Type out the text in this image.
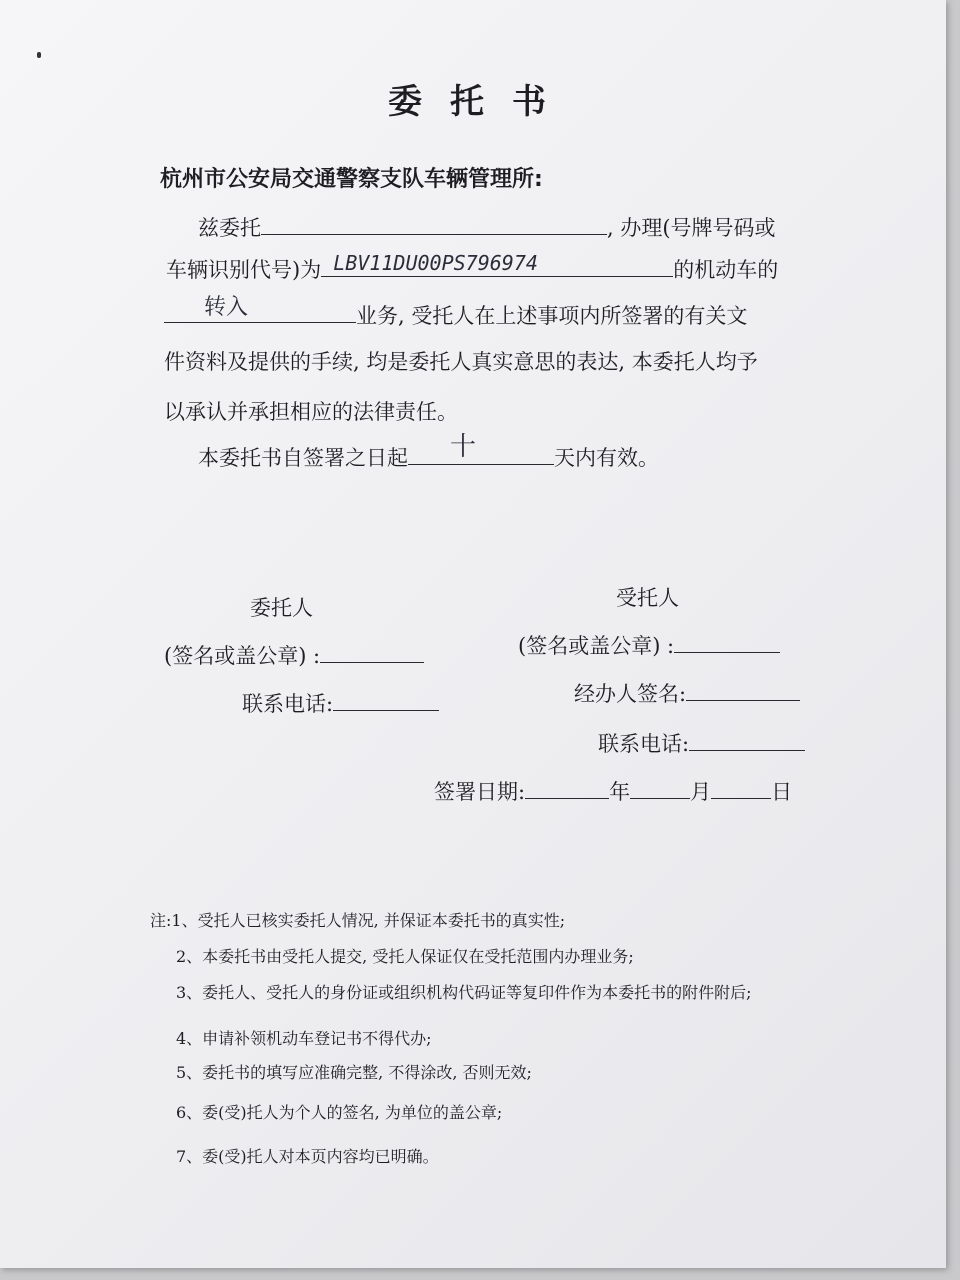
委托书
杭州市公安局交通警察支队车辆管理所:
兹委托	, 办理(号牌号码或
车辆识别代号)为 LBV11DU00PS796974	的机动车的
转入	业务, 受托人在上述事项内所签署的有关文
件资料及提供的手续, 均是委托人真实意思的表达, 本委托人均予
以承认并承担相应的法律责任。
本委托书自签署之日起 十	天内有效。
委托人
(签名或盖公章) :
联系电话:
受托人
(签名或盖公章) :
经办人签名:
联系电话:
签署日期:	年	月	日
注:1、受托人已核实委托人情况, 并保证本委托书的真实性;
2、本委托书由受托人提交, 受托人保证仅在受托范围内办理业务;
3、委托人、受托人的身份证或组织机构代码证等复印件作为本委托书的附件附后;
4、申请补领机动车登记书不得代办;
5、委托书的填写应准确完整, 不得涂改, 否则无效;
6、委(受)托人为个人的签名, 为单位的盖公章;
7、委(受)托人对本页内容均已明确。
